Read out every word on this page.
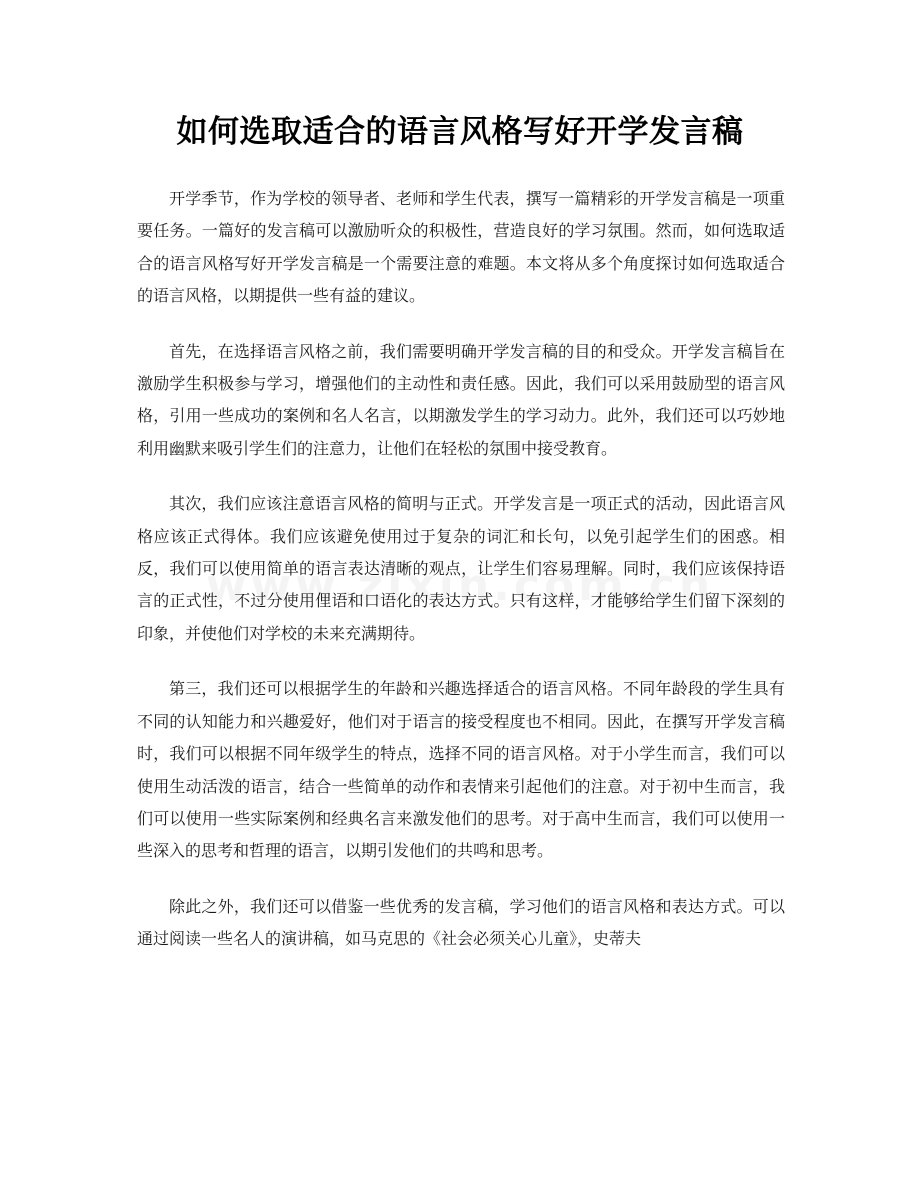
如何选取适合的语言风格写好开学发言稿

开学季节，作为学校的领导者、老师和学生代表，撰写一篇精彩的开学发言稿是一项重要任务。一篇好的发言稿可以激励听众的积极性，营造良好的学习氛围。然而，如何选取适合的语言风格写好开学发言稿是一个需要注意的难题。本文将从多个角度探讨如何选取适合的语言风格，以期提供一些有益的建议。

首先，在选择语言风格之前，我们需要明确开学发言稿的目的和受众。开学发言稿旨在激励学生积极参与学习，增强他们的主动性和责任感。因此，我们可以采用鼓励型的语言风格，引用一些成功的案例和名人名言，以期激发学生的学习动力。此外，我们还可以巧妙地利用幽默来吸引学生们的注意力，让他们在轻松的氛围中接受教育。

其次，我们应该注意语言风格的简明与正式。开学发言是一项正式的活动，因此语言风格应该正式得体。我们应该避免使用过于复杂的词汇和长句，以免引起学生们的困惑。相反，我们可以使用简单的语言表达清晰的观点，让学生们容易理解。同时，我们应该保持语言的正式性，不过分使用俚语和口语化的表达方式。只有这样，才能够给学生们留下深刻的印象，并使他们对学校的未来充满期待。

第三，我们还可以根据学生的年龄和兴趣选择适合的语言风格。不同年龄段的学生具有不同的认知能力和兴趣爱好，他们对于语言的接受程度也不相同。因此，在撰写开学发言稿时，我们可以根据不同年级学生的特点，选择不同的语言风格。对于小学生而言，我们可以使用生动活泼的语言，结合一些简单的动作和表情来引起他们的注意。对于初中生而言，我们可以使用一些实际案例和经典名言来激发他们的思考。对于高中生而言，我们可以使用一些深入的思考和哲理的语言，以期引发他们的共鸣和思考。

除此之外，我们还可以借鉴一些优秀的发言稿，学习他们的语言风格和表达方式。可以通过阅读一些名人的演讲稿，如马克思的《社会必须关心儿童》，史蒂夫
